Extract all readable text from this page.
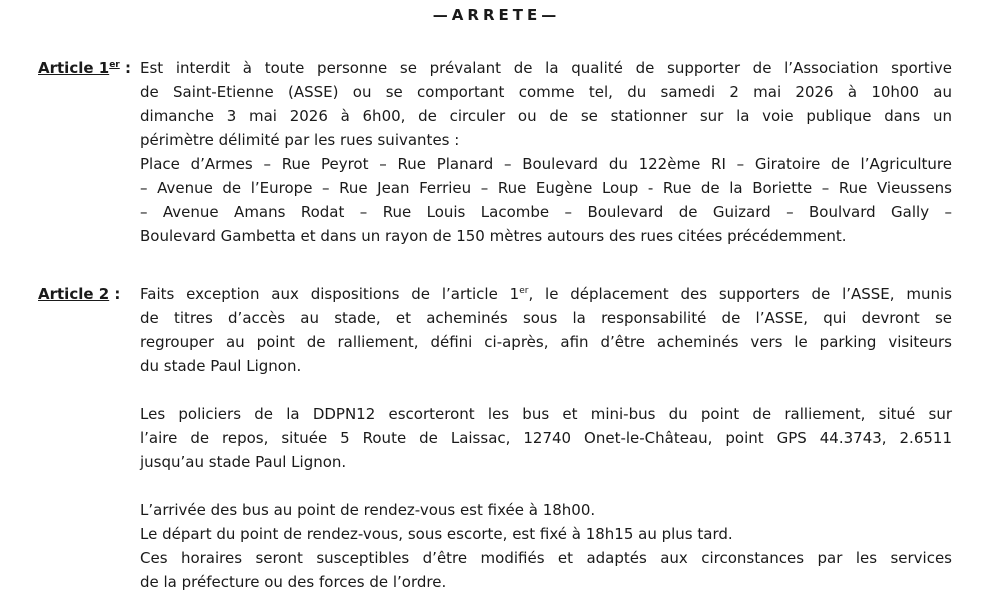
—ARRETE—
Article 1er : Est interdit à toute personne se prévalant de la qualité de supporter de l’Association sportive
de Saint-Etienne (ASSE) ou se comportant comme tel, du samedi 2 mai 2026 à 10h00 au
dimanche 3 mai 2026 à 6h00, de circuler ou de se stationner sur la voie publique dans un
périmètre délimité par les rues suivantes :
Place d’Armes – Rue Peyrot – Rue Planard – Boulevard du 122ème RI – Giratoire de l’Agriculture
– Avenue de l’Europe – Rue Jean Ferrieu – Rue Eugène Loup - Rue de la Boriette – Rue Vieussens
– Avenue Amans Rodat – Rue Louis Lacombe – Boulevard de Guizard – Boulvard Gally –
Boulevard Gambetta et dans un rayon de 150 mètres autours des rues citées précédemment.

Article 2 : Faits exception aux dispositions de l’article 1er, le déplacement des supporters de l’ASSE, munis
de titres d’accès au stade, et acheminés sous la responsabilité de l’ASSE, qui devront se
regrouper au point de ralliement, défini ci-après, afin d’être acheminés vers le parking visiteurs
du stade Paul Lignon.

Les policiers de la DDPN12 escorteront les bus et mini-bus du point de ralliement, situé sur
l’aire de repos, située 5 Route de Laissac, 12740 Onet-le-Château, point GPS 44.3743, 2.6511
jusqu’au stade Paul Lignon.

L’arrivée des bus au point de rendez-vous est fixée à 18h00.
Le départ du point de rendez-vous, sous escorte, est fixé à 18h15 au plus tard.
Ces horaires seront susceptibles d’être modifiés et adaptés aux circonstances par les services
de la préfecture ou des forces de l’ordre.
